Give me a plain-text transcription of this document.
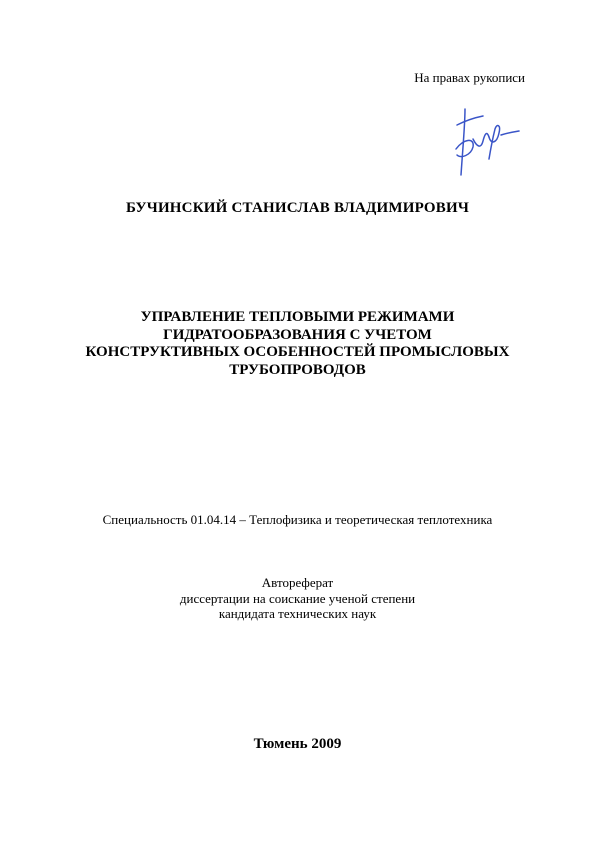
На правах рукописи
БУЧИНСКИЙ СТАНИСЛАВ ВЛАДИМИРОВИЧ
УПРАВЛЕНИЕ ТЕПЛОВЫМИ РЕЖИМАМИ
ГИДРАТООБРАЗОВАНИЯ С УЧЕТОМ
КОНСТРУКТИВНЫХ ОСОБЕННОСТЕЙ ПРОМЫСЛОВЫХ
ТРУБОПРОВОДОВ
Специальность 01.04.14 – Теплофизика и теоретическая теплотехника
Автореферат
диссертации на соискание ученой степени
кандидата технических наук
Тюмень 2009
